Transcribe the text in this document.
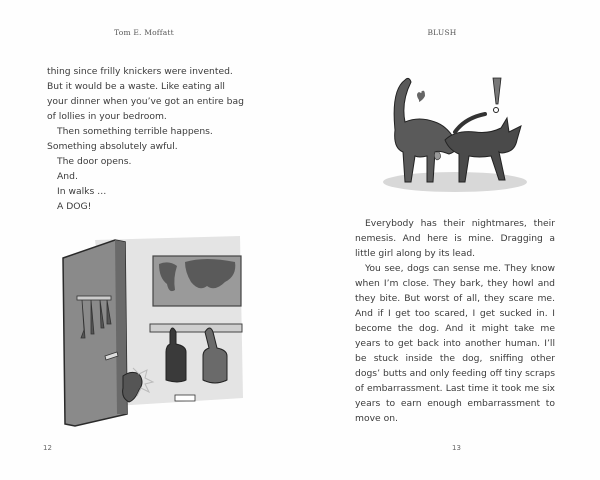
Tom E. Moffatt

thing since frilly knickers were invented. But it would be a waste. Like eating all your dinner when you’ve got an entire bag of lollies in your bedroom.

Then something terrible happens. Something absolutely awful.

The door opens.

And.

In walks …

A DOG!

12
BLUSH

Everybody has their nightmares, their nemesis. And here is mine. Dragging a little girl along by its lead.

You see, dogs can sense me. They know when I’m close. They bark, they howl and they bite. But worst of all, they scare me. And if I get too scared, I get sucked in. I become the dog. And it might take me years to get back into another human. I’ll be stuck inside the dog, sniffing other dogs’ butts and only feeding off tiny scraps of embarrassment. Last time it took me six years to earn enough embarrassment to move on.

13
